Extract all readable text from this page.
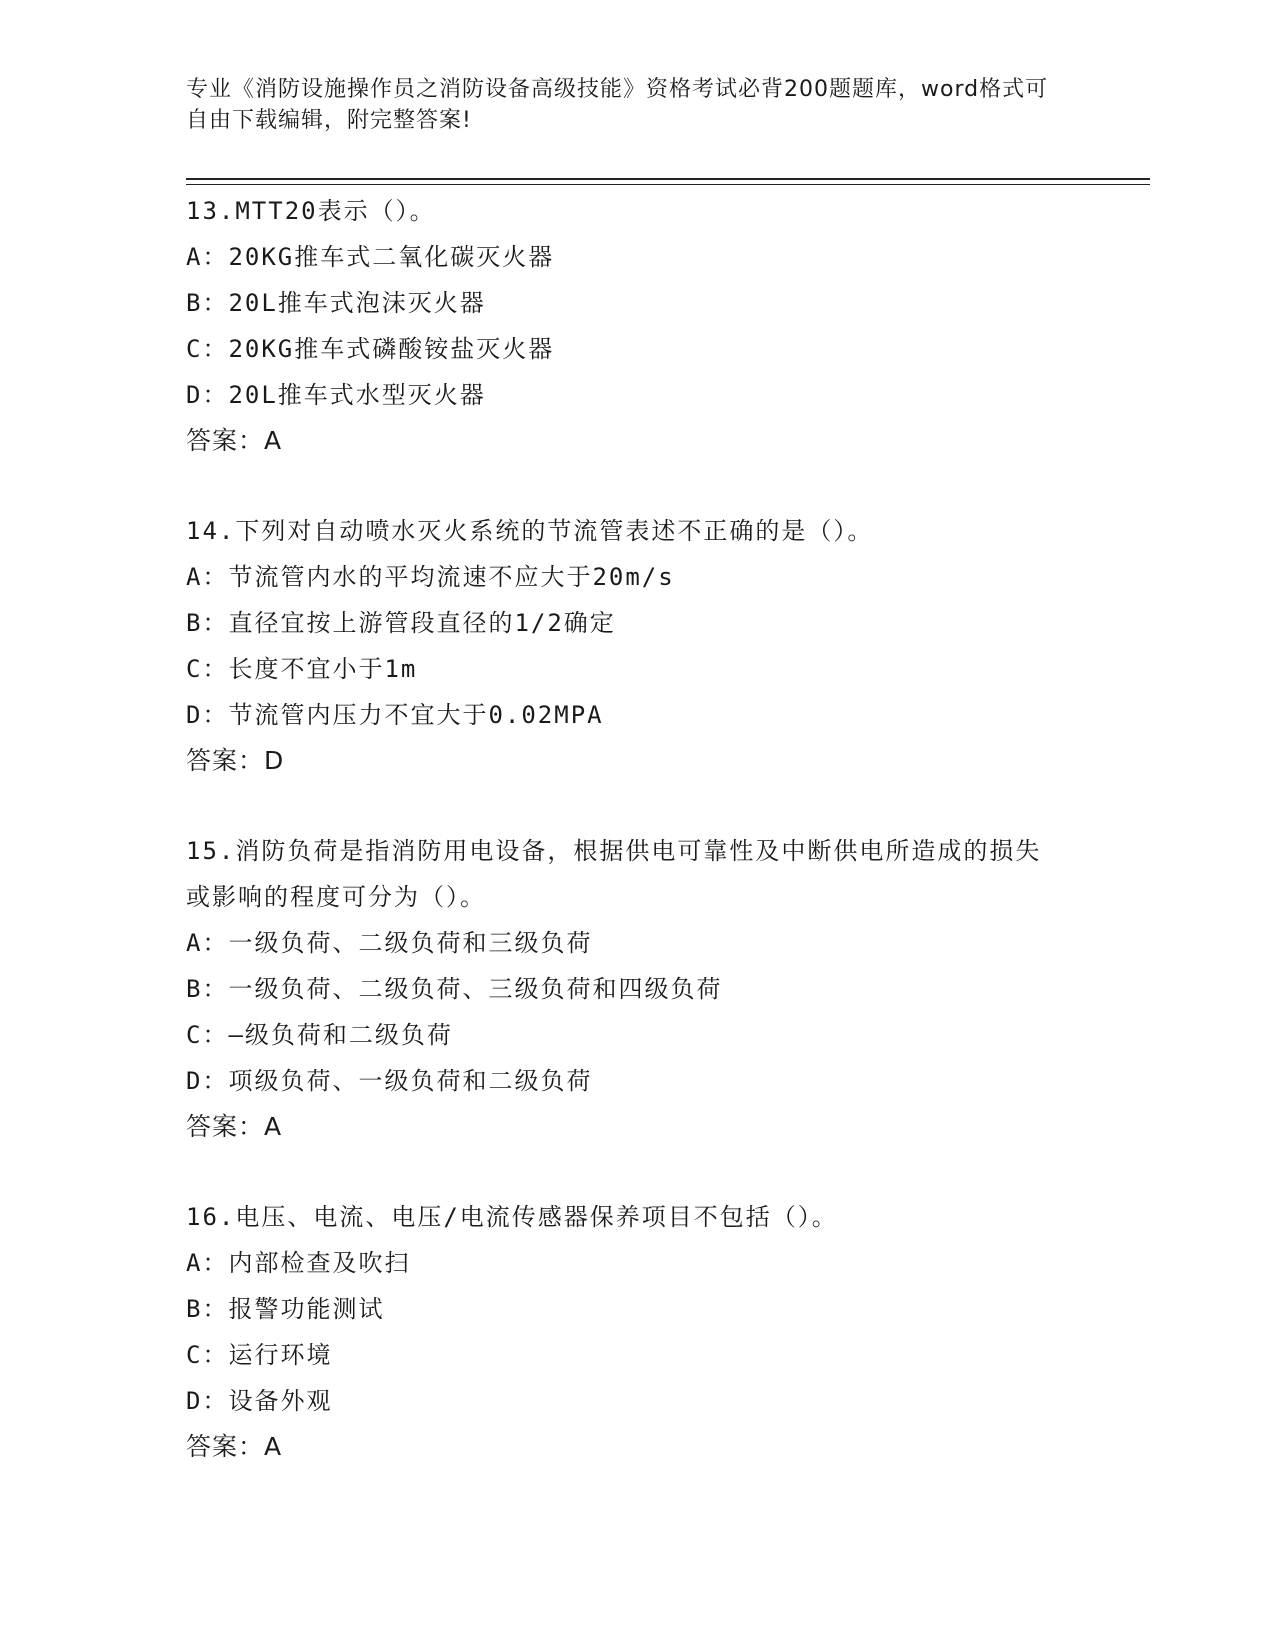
专业《消防设施操作员之消防设备高级技能》资格考试必背200题题库，word格式可自由下载编辑，附完整答案!
13.MTT20表示（）。
A：20KG推车式二氧化碳灭火器
B：20L推车式泡沫灭火器
C：20KG推车式磷酸铵盐灭火器
D：20L推车式水型灭火器
答案：A
14.下列对自动喷水灭火系统的节流管表述不正确的是（）。
A：节流管内水的平均流速不应大于20m/s
B：直径宜按上游管段直径的1/2确定
C：长度不宜小于1m
D：节流管内压力不宜大于0.02MPA
答案：D
15.消防负荷是指消防用电设备，根据供电可靠性及中断供电所造成的损失或影响的程度可分为（）。
A：一级负荷、二级负荷和三级负荷
B：一级负荷、二级负荷、三级负荷和四级负荷
C：—级负荷和二级负荷
D：项级负荷、一级负荷和二级负荷
答案：A
16.电压、电流、电压/电流传感器保养项目不包括（）。
A：内部检查及吹扫
B：报警功能测试
C：运行环境
D：设备外观
答案：A
